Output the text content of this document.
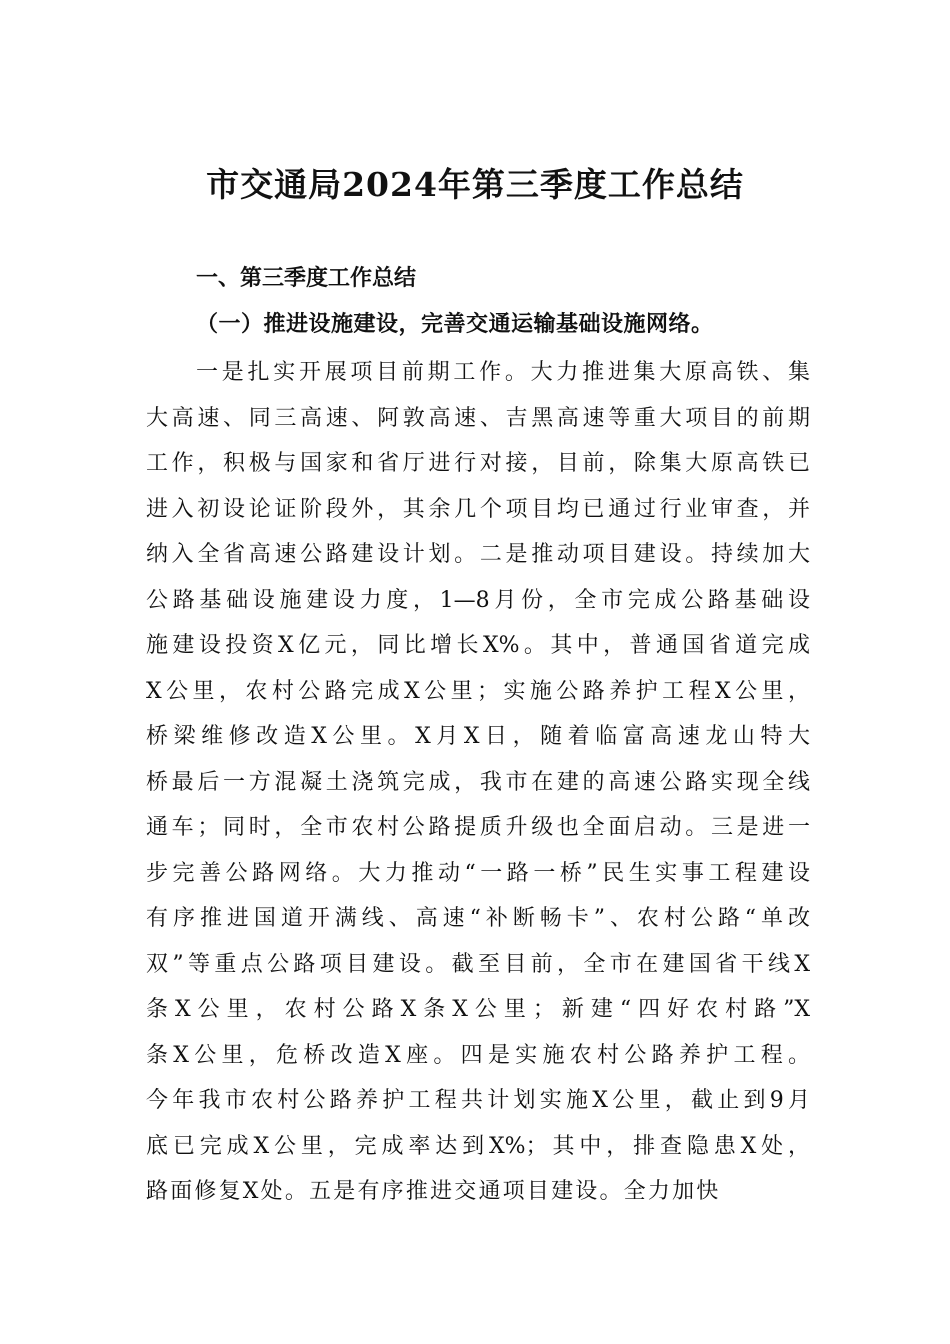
市交通局2024年第三季度工作总结
一、第三季度工作总结
（一）推进设施建设，完善交通运输基础设施网络。
一是扎实开展项目前期工作。大力推进集大原高铁、集
大高速、同三高速、阿敦高速、吉黑高速等重大项目的前期
工作，积极与国家和省厅进行对接，目前，除集大原高铁已
进入初设论证阶段外，其余几个项目均已通过行业审查，并
纳入全省高速公路建设计划。二是推动项目建设。持续加大
公路基础设施建设力度，1—8月份，全市完成公路基础设
施建设投资X亿元，同比增长X%。其中，普通国省道完成
X公里，农村公路完成X公里；实施公路养护工程X公里，
桥梁维修改造X公里。X月X日，随着临富高速龙山特大
桥最后一方混凝土浇筑完成，我市在建的高速公路实现全线
通车；同时，全市农村公路提质升级也全面启动。三是进一
步完善公路网络。大力推动“一路一桥”民生实事工程建设
有序推进国道开满线、高速“补断畅卡”、农村公路“单改
双”等重点公路项目建设。截至目前，全市在建国省干线X
条X公里，农村公路X条X公里；新建“四好农村路”X
条X公里，危桥改造X座。四是实施农村公路养护工程。
今年我市农村公路养护工程共计划实施X公里，截止到9月
底已完成X公里，完成率达到X%；其中，排查隐患X处，
路面修复X处。五是有序推进交通项目建设。全力加快
